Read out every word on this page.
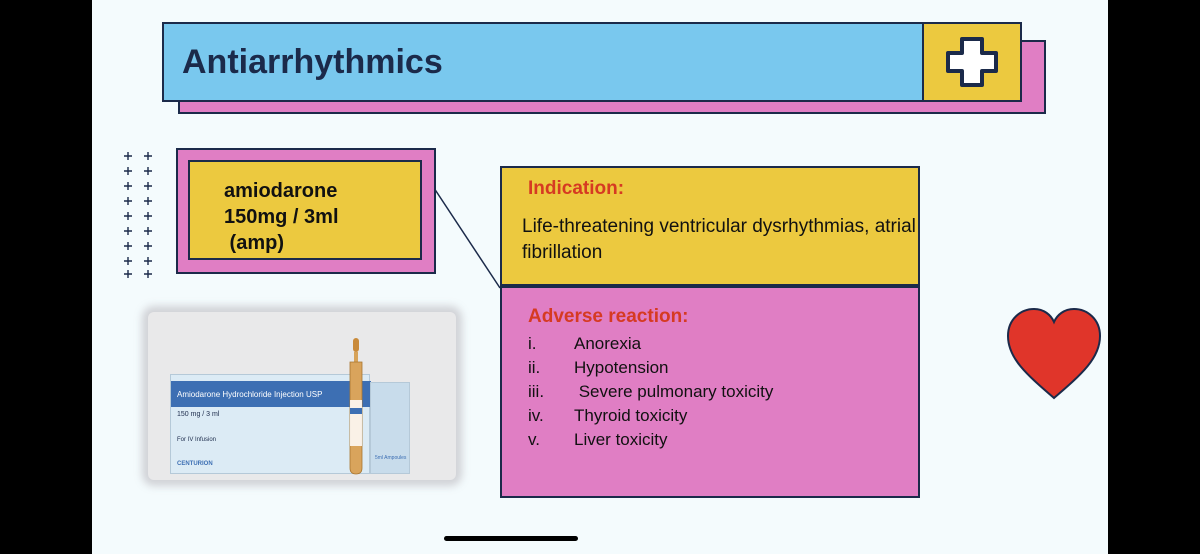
Antiarrhythmics
amiodarone
150mg / 3ml
(amp)

Indication:

Life-threatening ventricular dysrhythmias, atrial fibrillation

Adverse reaction:

i. Anorexia
ii. Hypotension
iii. Severe pulmonary toxicity
iv. Thyroid toxicity
v. Liver toxicity

Amiodarone Hydrochloride Injection USP

150 mg / 3 ml

For IV Infusion

CENTURION

5ml Ampoules
